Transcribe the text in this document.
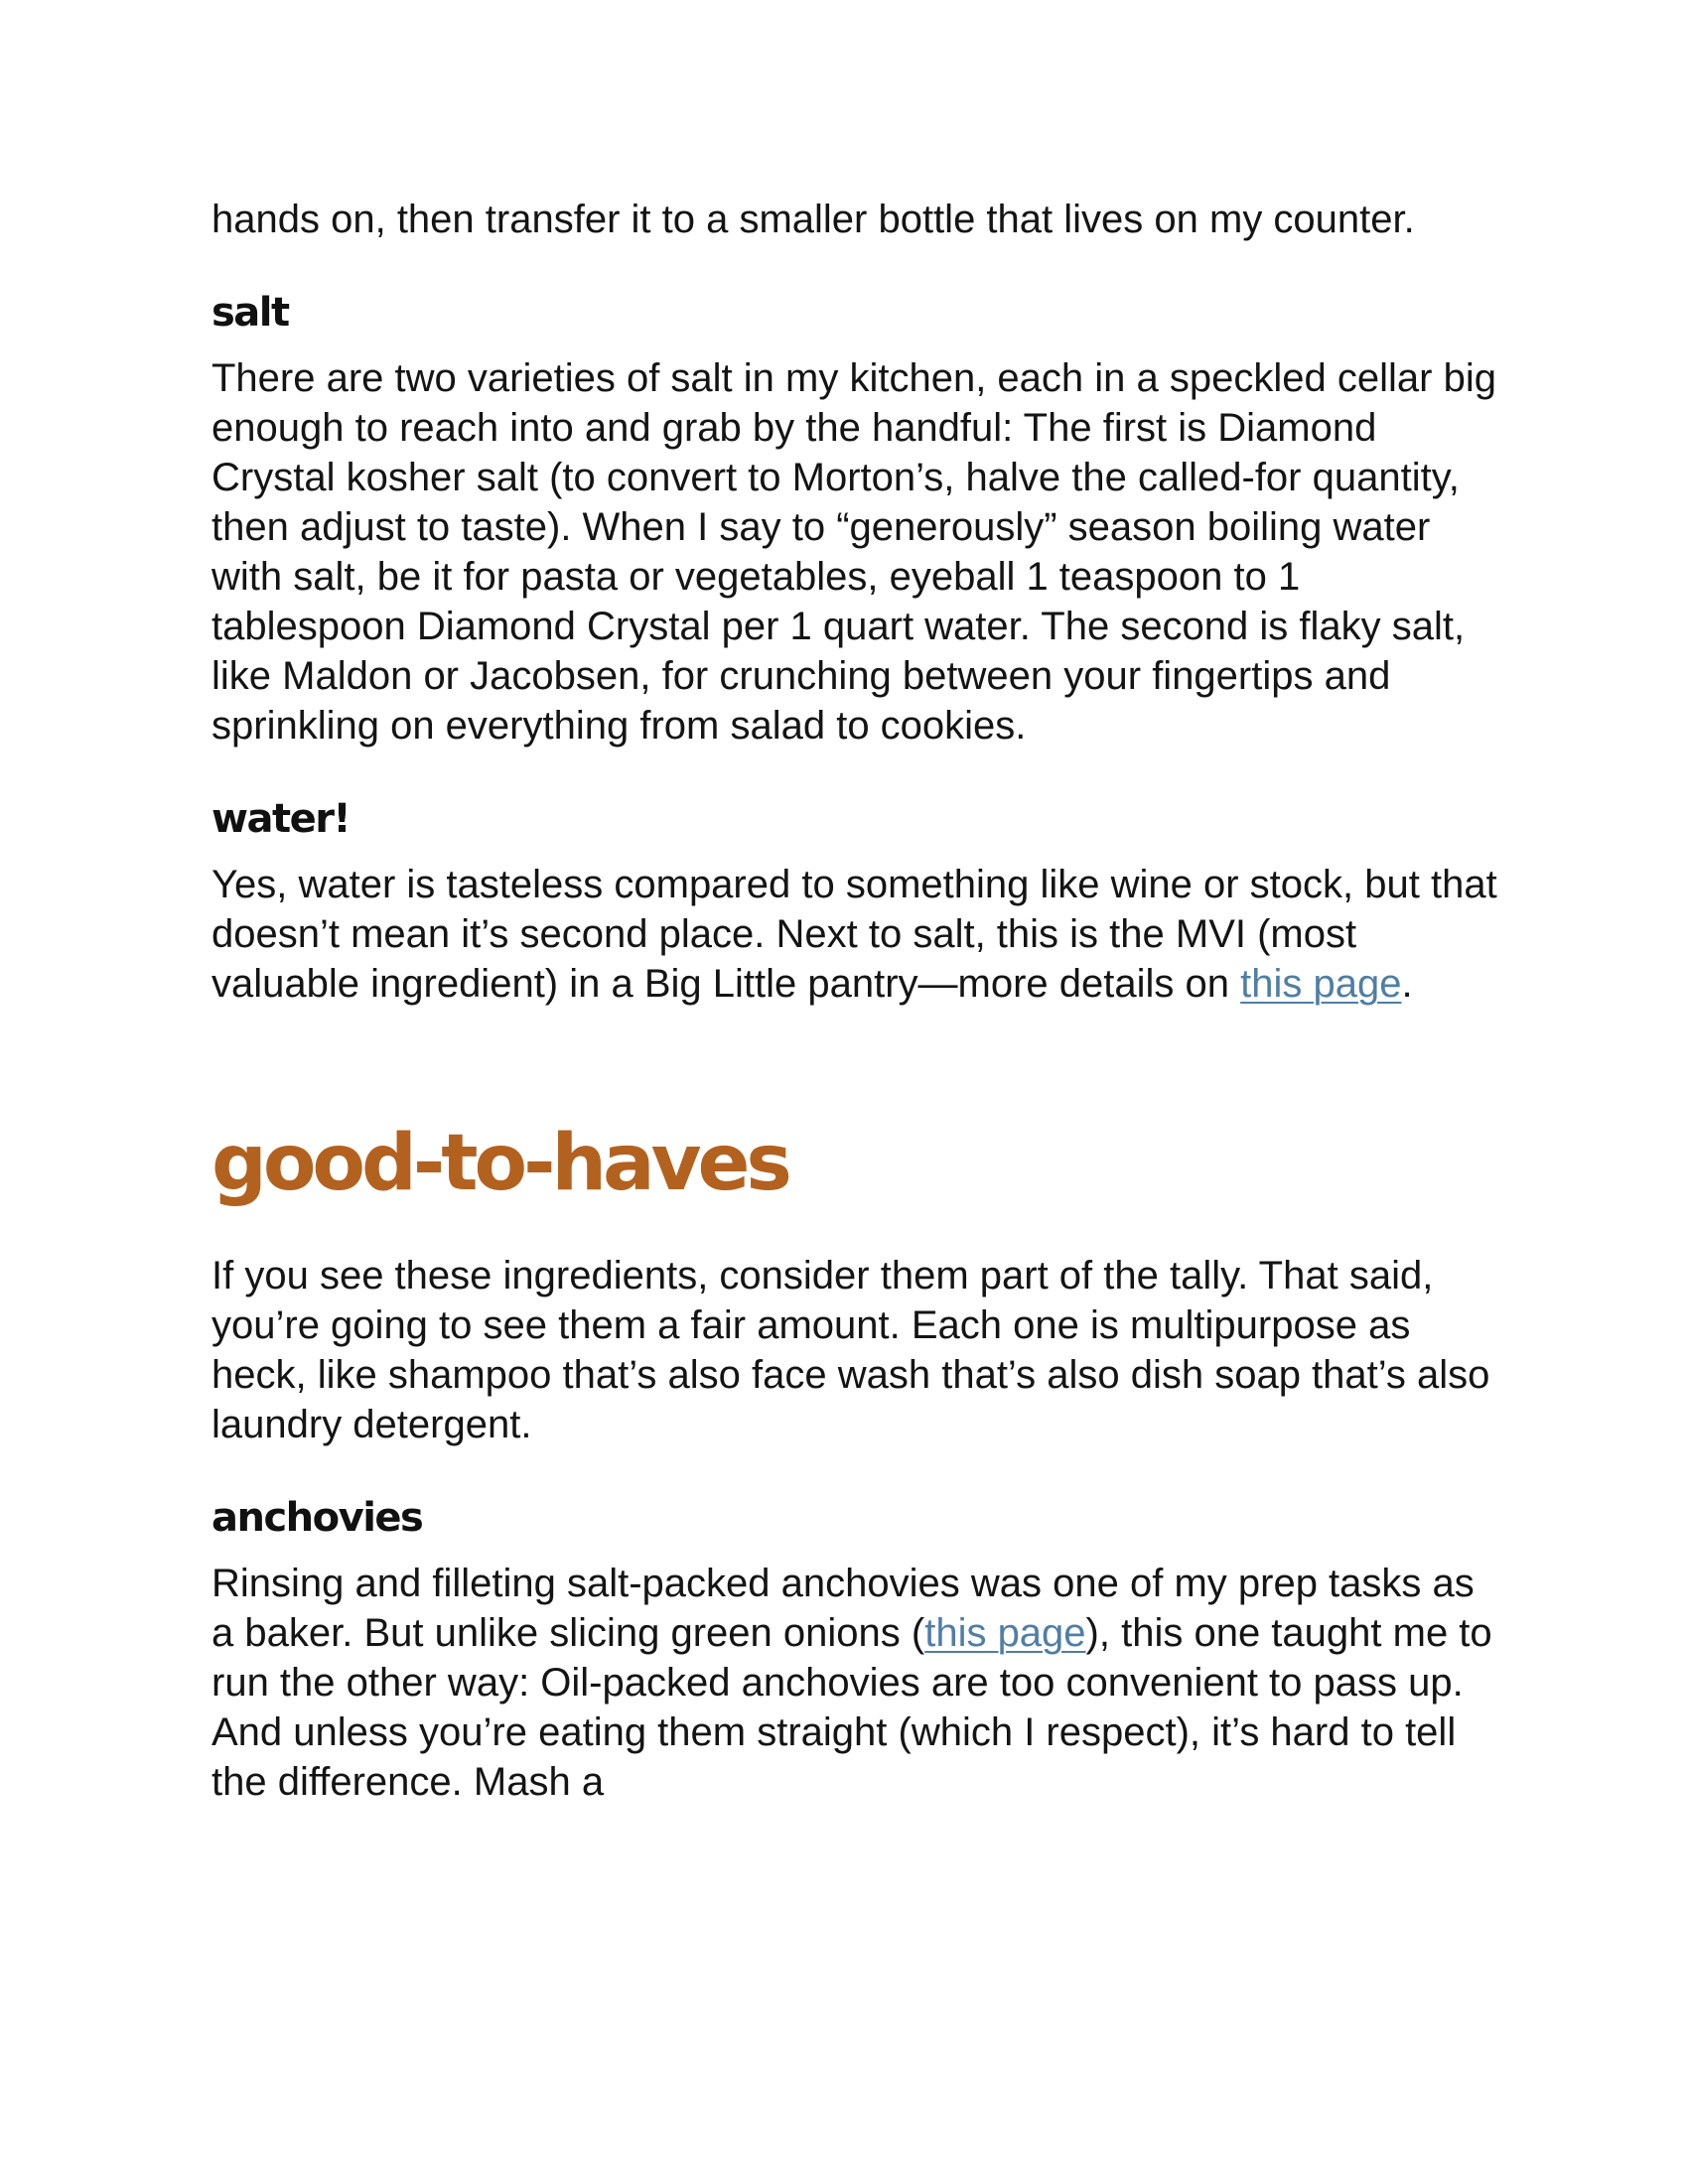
hands on, then transfer it to a smaller bottle that lives on my counter.

salt

There are two varieties of salt in my kitchen, each in a speckled cellar big enough to reach into and grab by the handful: The first is Diamond Crystal kosher salt (to convert to Morton’s, halve the called-for quantity, then adjust to taste). When I say to “generously” season boiling water with salt, be it for pasta or vegetables, eyeball 1 teaspoon to 1 tablespoon Diamond Crystal per 1 quart water. The second is flaky salt, like Maldon or Jacobsen, for crunching between your fingertips and sprinkling on everything from salad to cookies.

water!

Yes, water is tasteless compared to something like wine or stock, but that doesn’t mean it’s second place. Next to salt, this is the MVI (most valuable ingredient) in a Big Little pantry—more details on this page.

good-to-haves

If you see these ingredients, consider them part of the tally. That said, you’re going to see them a fair amount. Each one is multipurpose as heck, like shampoo that’s also face wash that’s also dish soap that’s also laundry detergent.

anchovies

Rinsing and filleting salt-packed anchovies was one of my prep tasks as a baker. But unlike slicing green onions (this page), this one taught me to run the other way: Oil-packed anchovies are too convenient to pass up. And unless you’re eating them straight (which I respect), it’s hard to tell the difference. Mash a
